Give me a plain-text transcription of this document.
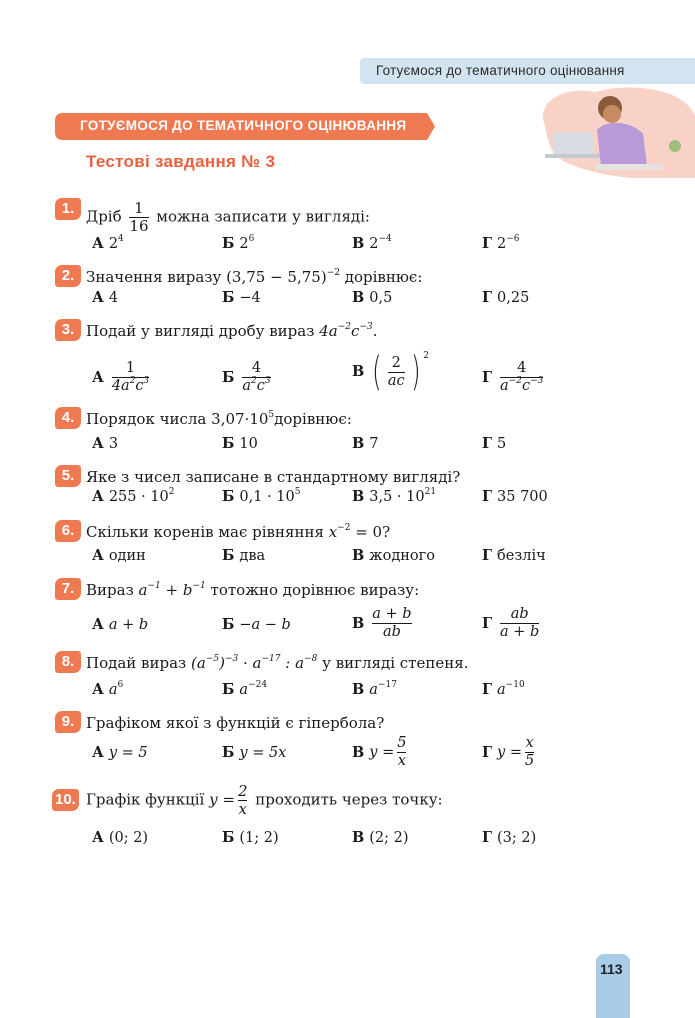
Готуємося до тематичного оцінювання
ГОТУЄМОСЯ ДО ТЕМАТИЧНОГО ОЦІНЮВАННЯ
Тестові завдання № 3
1. Дріб $\frac{1}{16}$ можна записати у вигляді:
А $2^4$	Б $2^6$	В $2^{-4}$	Г $2^{-6}$
2. Значення виразу $(3,75 - 5,75)^{-2}$ дорівнює:
А 4	Б −4	В 0,5	Г 0,25
3. Подай у вигляді дробу вираз $4a^{-2}c^{-3}$.
А $\frac{1}{4a^2c^3}$	Б $\frac{4}{a^2c^3}$	В ( $\frac{2}{ac}$ ) $^2$
Г $\frac{4}{a^{-2}c^{-3}}$
4. Порядок числа $3,07\cdot 10^5дорівнює$:
А 3	Б 10	В 7	Г 5
5. Яке з чисел записане в стандартному вигляді?
А $255 \cdot 10^2$	Б $0,1 \cdot 10^5$	В $3,5 \cdot 10^{21}$	Г 35 700
6. Скільки коренів має рівняння $x^{-2} = 0$?
А один	Б два	В жодного	Г безліч
7. Вираз $a^{-1} + b^{-1}$ тотожно дорівнює виразу:
А a + b	Б −a − b	В $\frac{a + b}{ab}$	Г $\frac{ab}{a + b}$
8. Подай вираз $(a^{-5})^{-3} \cdot a^{-17}$ : $a^{-8}$ у вигляді степеня.
А $a^6$	Б $a^{-24}$	В $a^{-17}$	Г $a^{-10}$
9. Графіком якої з функцій є гіпербола?
А y = 5	Б y = 5x	В $y = \frac{5}{x}$	Г $y = \frac{x}{5}$
10. Графік функції $y = \frac{2}{x}$ проходить через точку:
А (0; 2)	Б (1; 2)	В (2; 2)	Г (3; 2)
113
